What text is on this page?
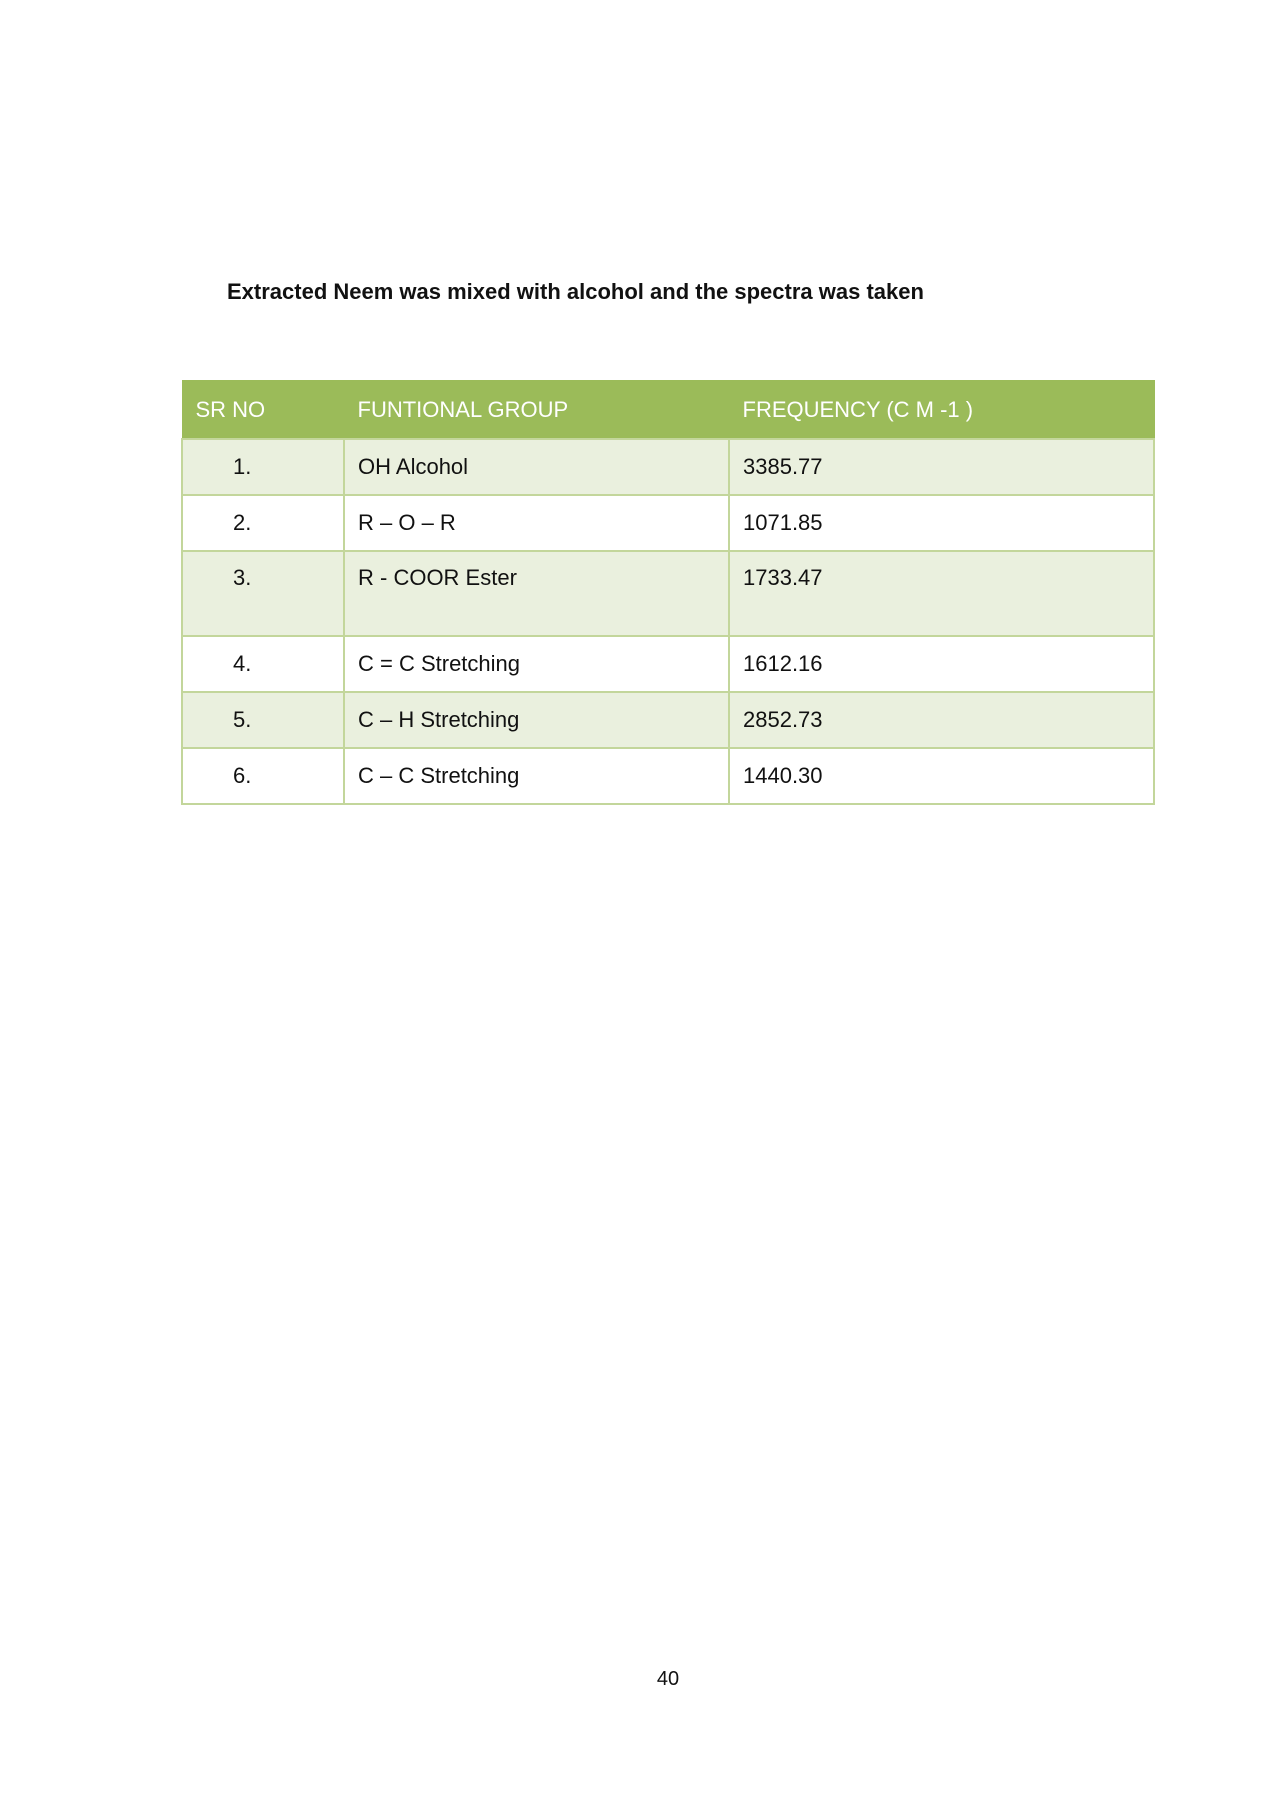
Extracted Neem was mixed with alcohol and the spectra was taken
SR NO	FUNTIONAL GROUP	FREQUENCY (C M -1 )
1.	OH Alcohol	3385.77
2.	R – O – R	1071.85
3.	R - COOR Ester	1733.47
4.	C = C Stretching	1612.16
5.	C – H Stretching	2852.73
6.	C – C Stretching	1440.30
40
